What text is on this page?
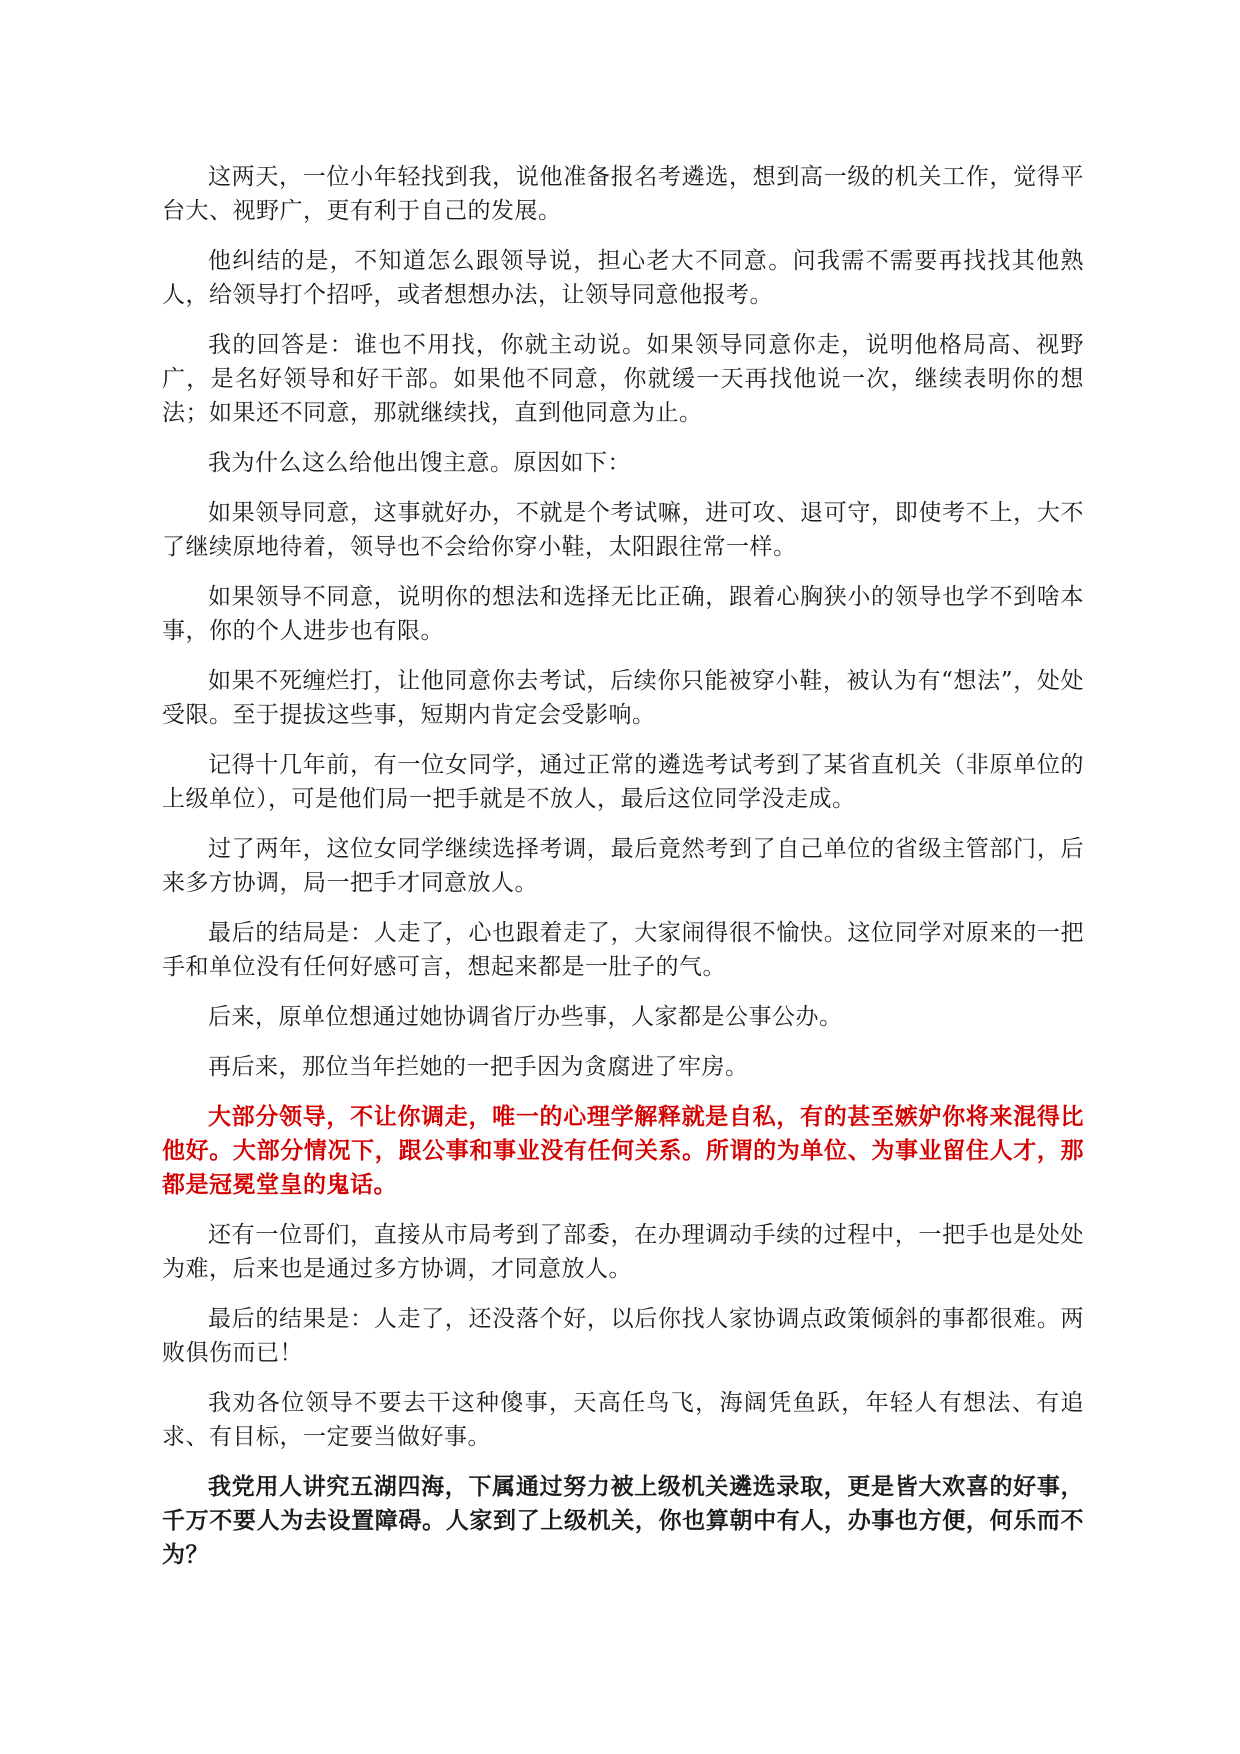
这两天，一位小年轻找到我，说他准备报名考遴选，想到高一级的机关工作，觉得平台大、视野广，更有利于自己的发展。

他纠结的是，不知道怎么跟领导说，担心老大不同意。问我需不需要再找找其他熟人，给领导打个招呼，或者想想办法，让领导同意他报考。

我的回答是：谁也不用找，你就主动说。如果领导同意你走，说明他格局高、视野广，是名好领导和好干部。如果他不同意，你就缓一天再找他说一次，继续表明你的想法；如果还不同意，那就继续找，直到他同意为止。

我为什么这么给他出馊主意。原因如下：

如果领导同意，这事就好办，不就是个考试嘛，进可攻、退可守，即使考不上，大不了继续原地待着，领导也不会给你穿小鞋，太阳跟往常一样。

如果领导不同意，说明你的想法和选择无比正确，跟着心胸狭小的领导也学不到啥本事，你的个人进步也有限。

如果不死缠烂打，让他同意你去考试，后续你只能被穿小鞋，被认为有“想法”，处处受限。至于提拔这些事，短期内肯定会受影响。

记得十几年前，有一位女同学，通过正常的遴选考试考到了某省直机关（非原单位的上级单位），可是他们局一把手就是不放人，最后这位同学没走成。

过了两年，这位女同学继续选择考调，最后竟然考到了自己单位的省级主管部门，后来多方协调，局一把手才同意放人。

最后的结局是：人走了，心也跟着走了，大家闹得很不愉快。这位同学对原来的一把手和单位没有任何好感可言，想起来都是一肚子的气。

后来，原单位想通过她协调省厅办些事，人家都是公事公办。

再后来，那位当年拦她的一把手因为贪腐进了牢房。

大部分领导，不让你调走，唯一的心理学解释就是自私，有的甚至嫉妒你将来混得比他好。大部分情况下，跟公事和事业没有任何关系。所谓的为单位、为事业留住人才，那都是冠冕堂皇的鬼话。

还有一位哥们，直接从市局考到了部委，在办理调动手续的过程中，一把手也是处处为难，后来也是通过多方协调，才同意放人。

最后的结果是：人走了，还没落个好，以后你找人家协调点政策倾斜的事都很难。两败俱伤而已！

我劝各位领导不要去干这种傻事，天高任鸟飞，海阔凭鱼跃，年轻人有想法、有追求、有目标，一定要当做好事。

我党用人讲究五湖四海，下属通过努力被上级机关遴选录取，更是皆大欢喜的好事，千万不要人为去设置障碍。人家到了上级机关，你也算朝中有人，办事也方便，何乐而不为？
